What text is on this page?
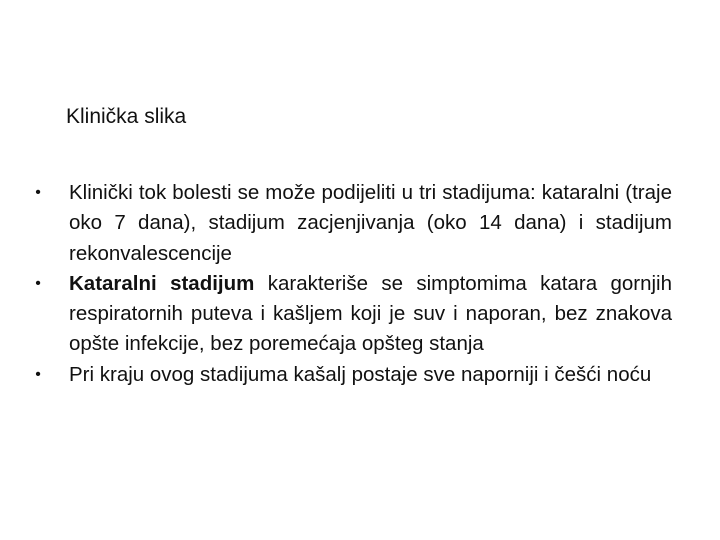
Klinička slika
•	Klinički tok bolesti se može podijeliti u tri stadijuma: kataralni (traje oko 7 dana), stadijum zacjenjivanja (oko 14 dana) i stadijum rekonvalescencije
•	Kataralni stadijum karakteriše se simptomima katara gornjih respiratornih puteva i kašljem koji je suv i naporan, bez znakova opšte infekcije, bez poremećaja opšteg stanja
•	Pri kraju ovog stadijuma kašalj postaje sve naporniji i češći noću
